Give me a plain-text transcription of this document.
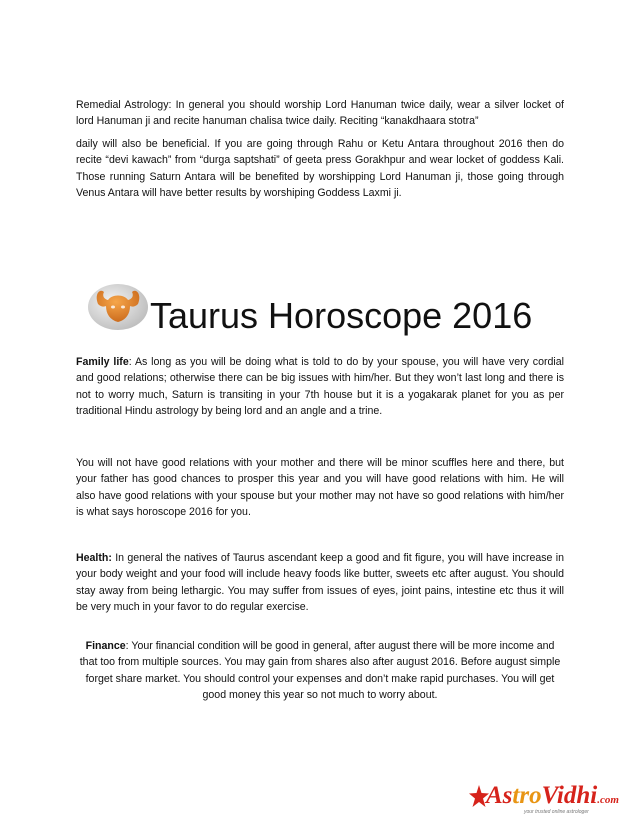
Remedial Astrology: In general you should worship Lord Hanuman twice daily, wear a silver locket of lord Hanuman ji and recite hanuman chalisa twice daily. Reciting “kanakdhaara stotra”

daily will also be beneficial. If you are going through Rahu or Ketu Antara throughout 2016 then do recite “devi kawach” from “durga saptshati” of geeta press Gorakhpur and wear locket of goddess Kali. Those running Saturn Antara will be benefited by worshipping Lord Hanuman ji, those going through Venus Antara will have better results by worshiping Goddess Laxmi ji.

Taurus Horoscope 2016

Family life: As long as you will be doing what is told to do by your spouse, you will have very cordial and good relations; otherwise there can be big issues with him/her. But they won’t last long and there is not to worry much, Saturn is transiting in your 7th house but it is a yogakarak planet for you as per traditional Hindu astrology by being lord and an angle and a trine.

You will not have good relations with your mother and there will be minor scuffles here and there, but your father has good chances to prosper this year and you will have good relations with him. He will also have good relations with your spouse but your mother may not have so good relations with him/her is what says horoscope 2016 for you.

Health: In general the natives of Taurus ascendant keep a good and fit figure, you will have increase in your body weight and your food will include heavy foods like butter, sweets etc after august. You should stay away from being lethargic. You may suffer from issues of eyes, joint pains, intestine etc thus it will be very much in your favor to do regular exercise.

Finance: Your financial condition will be good in general, after august there will be more income and that too from multiple sources. You may gain from shares also after august 2016. Before august simple forget share market. You should control your expenses and don’t make rapid purchases. You will get good money this year so not much to worry about.

AstroVidhi.com
your trusted online astrologer
